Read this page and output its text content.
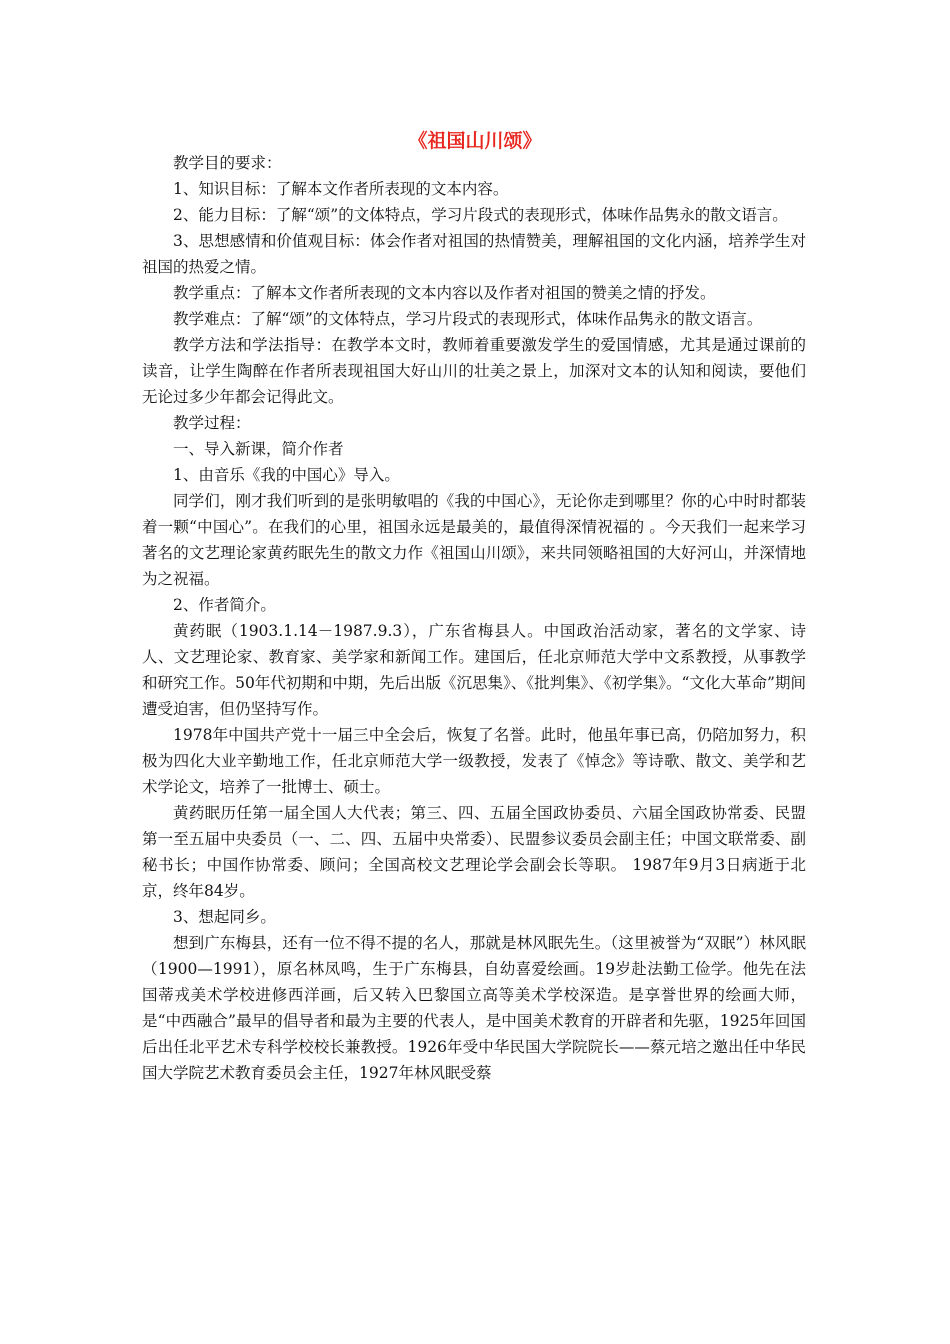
《祖国山川颂》

教学目的要求：

1、知识目标：了解本文作者所表现的文本内容。

2、能力目标：了解“颂”的文体特点，学习片段式的表现形式，体味作品隽永的散文语言。

3、思想感情和价值观目标：体会作者对祖国的热情赞美，理解祖国的文化内涵，培养学生对祖国的热爱之情。

教学重点：了解本文作者所表现的文本内容以及作者对祖国的赞美之情的抒发。

教学难点：了解“颂”的文体特点，学习片段式的表现形式，体味作品隽永的散文语言。

教学方法和学法指导：在教学本文时，教师着重要激发学生的爱国情感，尤其是通过课前的读音，让学生陶醉在作者所表现祖国大好山川的壮美之景上，加深对文本的认知和阅读，要他们无论过多少年都会记得此文。

教学过程：

一、导入新课，简介作者

1、由音乐《我的中国心》导入。

同学们，刚才我们听到的是张明敏唱的《我的中国心》，无论你走到哪里？你的心中时时都装着一颗“中国心”。在我们的心里，祖国永远是最美的，最值得深情祝福的 。今天我们一起来学习著名的文艺理论家黄药眠先生的散文力作《祖国山川颂》，来共同领略祖国的大好河山，并深情地为之祝福。

2、作者简介。

黄药眠（1903.1.14－1987.9.3），广东省梅县人。中国政治活动家，著名的文学家、诗人、文艺理论家、教育家、美学家和新闻工作。建国后，任北京师范大学中文系教授，从事教学和研究工作。50年代初期和中期，先后出版《沉思集》、《批判集》、《初学集》。“文化大革命”期间遭受迫害，但仍坚持写作。

1978年中国共产党十一届三中全会后，恢复了名誉。此时，他虽年事已高，仍陪加努力，积极为四化大业辛勤地工作，任北京师范大学一级教授，发表了《悼念》等诗歌、散文、美学和艺术学论文，培养了一批博士、硕士。

黄药眠历任第一届全国人大代表；第三、四、五届全国政协委员、六届全国政协常委、民盟第一至五届中央委员（一、二、四、五届中央常委）、民盟参议委员会副主任；中国文联常委、副秘书长；中国作协常委、顾问；全国高校文艺理论学会副会长等职。 1987年9月3日病逝于北京，终年84岁。

3、想起同乡。

想到广东梅县，还有一位不得不提的名人，那就是林风眠先生。（这里被誉为“双眠”）林风眠（1900—1991），原名林凤鸣，生于广东梅县，自幼喜爱绘画。19岁赴法勤工俭学。他先在法国蒂戎美术学校进修西洋画，后又转入巴黎国立高等美术学校深造。是享誉世界的绘画大师，是“中西融合”最早的倡导者和最为主要的代表人，是中国美术教育的开辟者和先驱，1925年回国后出任北平艺术专科学校校长兼教授。1926年受中华民国大学院院长——蔡元培之邀出任中华民国大学院艺术教育委员会主任，1927年林风眠受蔡
